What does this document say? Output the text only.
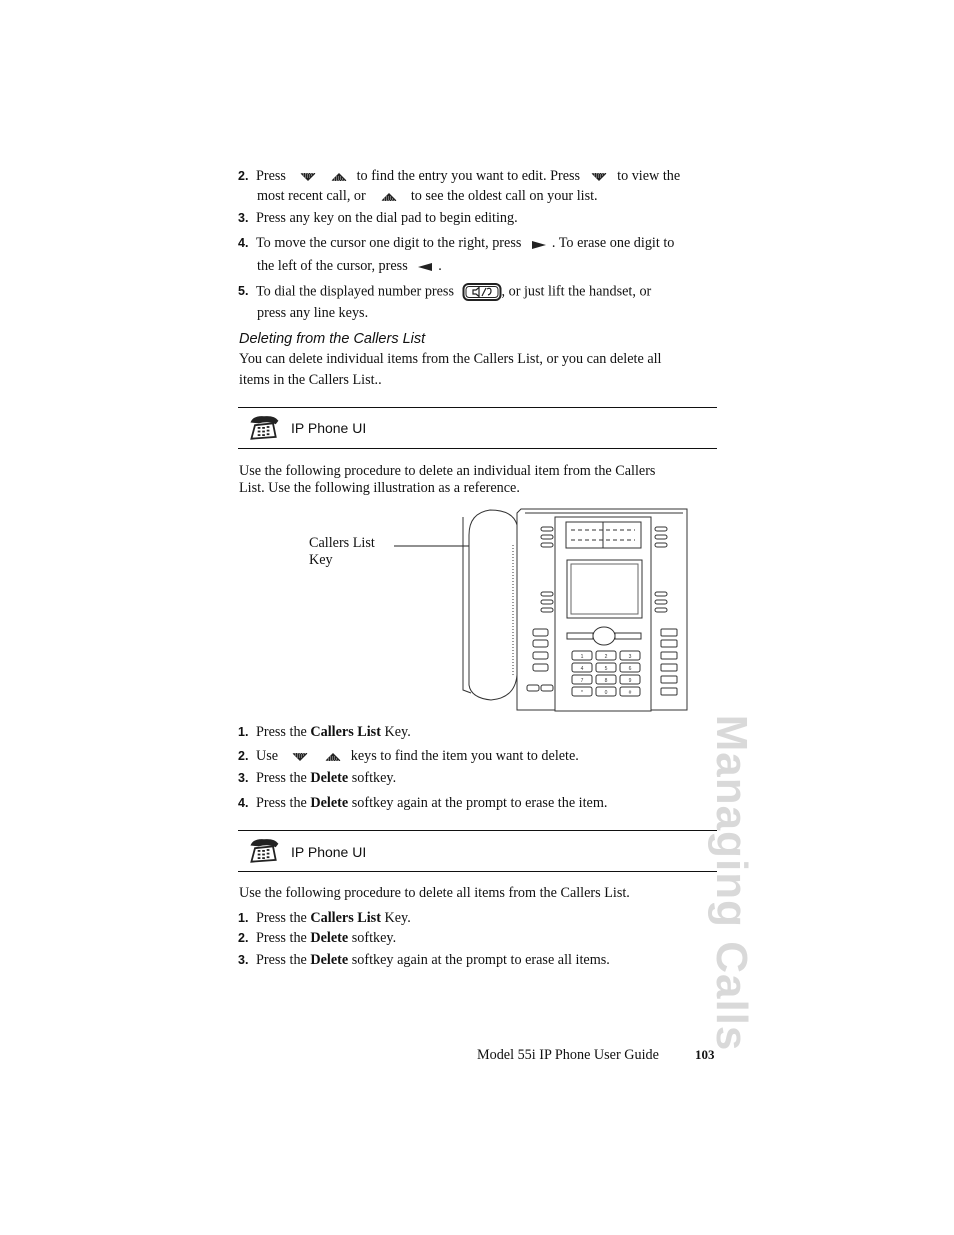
2. Press	to find the entry you want to edit. Press	to view the
most recent call, or	to see the oldest call on your list.
3. Press any key on the dial pad to begin editing.
4. To move the cursor one digit to the right, press . To erase one digit to
the left of the cursor, press .
5. To dial the displayed number press	, or just lift the handset, or
press any line keys.
Deleting from the Callers List
You can delete individual items from the Callers List, or you can delete all
items in the Callers List..
IP Phone UI
Use the following procedure to delete an individual item from the Callers
List. Use the following illustration as a reference.
Callers List
Key
1	2	3
4	5	6
7	8	9
*	0	#
1. Press the Callers List Key.
2. Use	keys to find the item you want to delete.
3. Press the Delete softkey.
4. Press the Delete softkey again at the prompt to erase the item.
IP Phone UI
Use the following procedure to delete all items from the Callers List.
1. Press the Callers List Key.
2. Press the Delete softkey.
3. Press the Delete softkey again at the prompt to erase all items. Managing Calls
Model 55i IP Phone User Guide	103
